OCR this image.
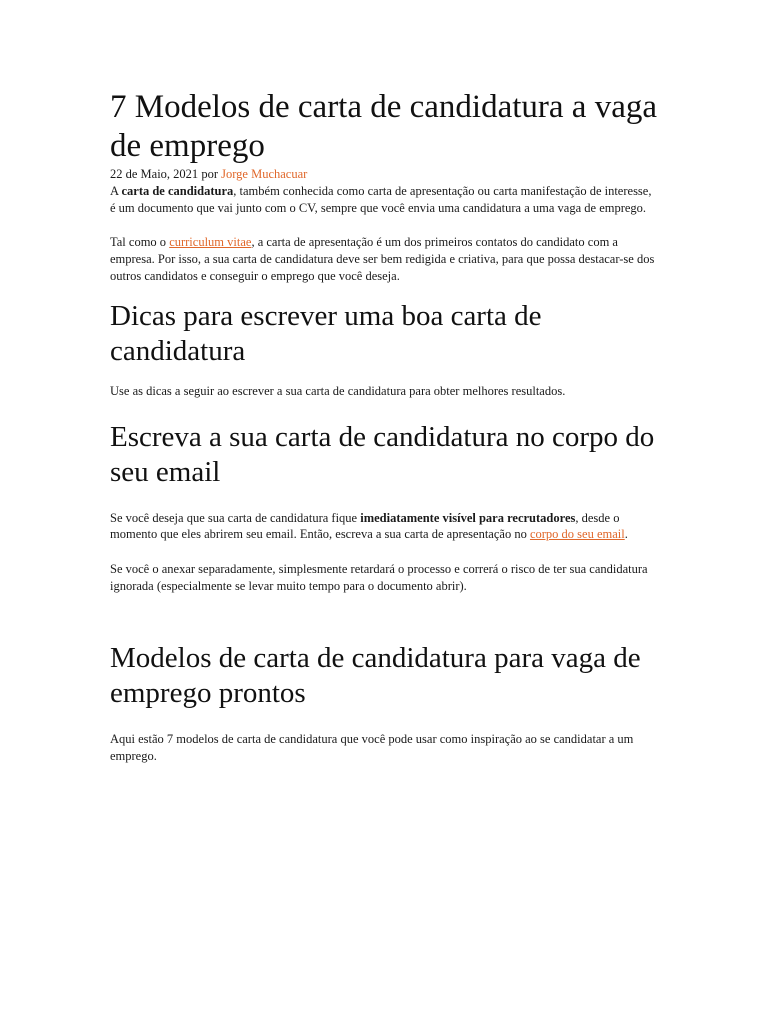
7 Modelos de carta de candidatura a vaga de emprego
22 de Maio, 2021 por Jorge Muchacuar

A carta de candidatura, também conhecida como carta de apresentação ou carta manifestação de interesse, é um documento que vai junto com o CV, sempre que você envia uma candidatura a uma vaga de emprego.

Tal como o curriculum vitae, a carta de apresentação é um dos primeiros contatos do candidato com a empresa. Por isso, a sua carta de candidatura deve ser bem redigida e criativa, para que possa destacar-se dos outros candidatos e conseguir o emprego que você deseja.

Dicas para escrever uma boa carta de candidatura

Use as dicas a seguir ao escrever a sua carta de candidatura para obter melhores resultados.

Escreva a sua carta de candidatura no corpo do seu email

Se você deseja que sua carta de candidatura fique imediatamente visível para recrutadores, desde o momento que eles abrirem seu email. Então, escreva a sua carta de apresentação no corpo do seu email.

Se você o anexar separadamente, simplesmente retardará o processo e correrá o risco de ter sua candidatura ignorada (especialmente se levar muito tempo para o documento abrir).

Modelos de carta de candidatura para vaga de emprego prontos

Aqui estão 7 modelos de carta de candidatura que você pode usar como inspiração ao se candidatar a um emprego.
